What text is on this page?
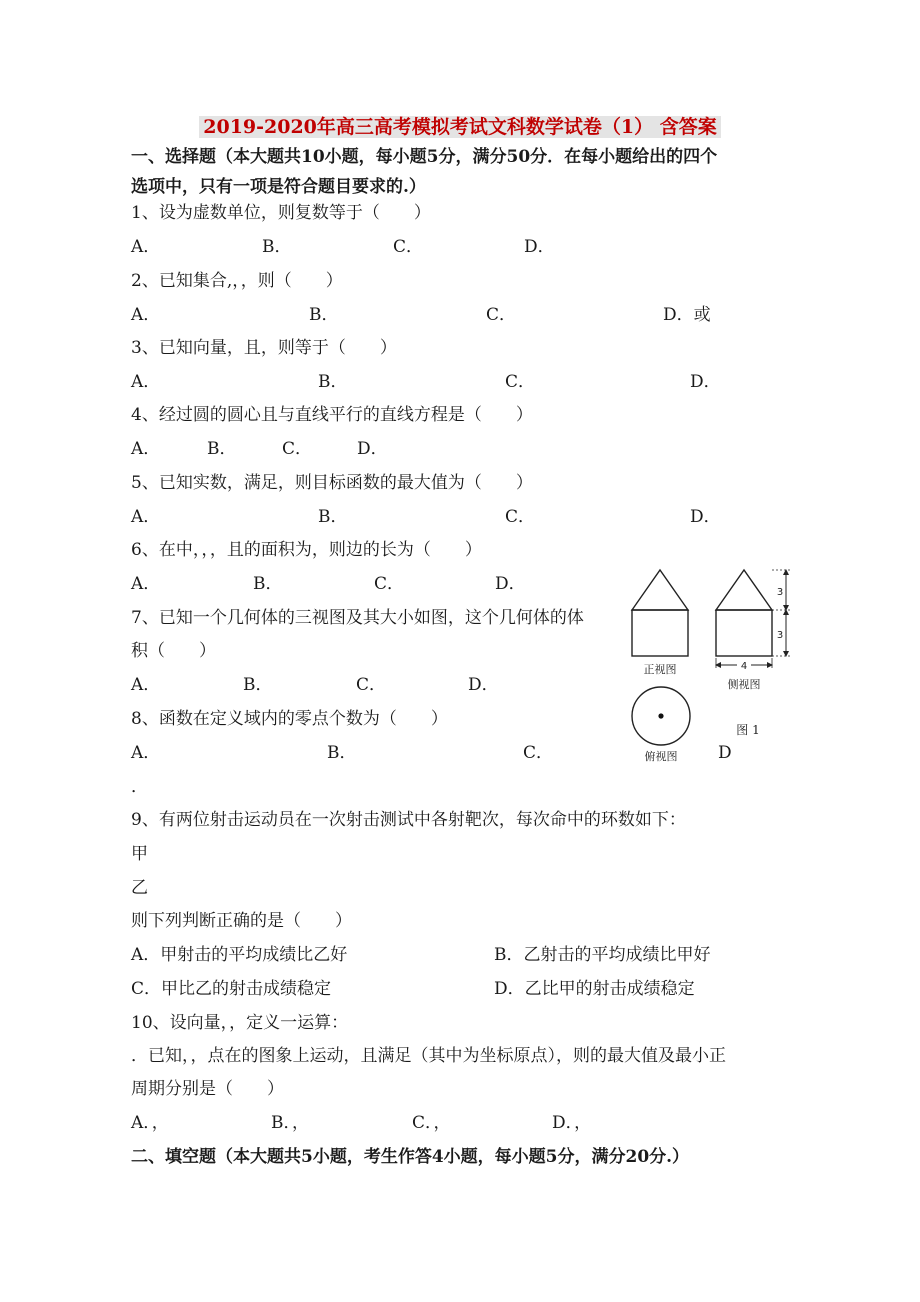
2019-2020年高三高考模拟考试文科数学试卷（1） 含答案
一、选择题（本大题共10小题，每小题5分，满分50分．在每小题给出的四个
选项中，只有一项是符合题目要求的.）
1、设为虚数单位，则复数等于（　　）
A．	B．	C．	D．
2、已知集合,，，则（　　）
A．	B．	C．	D．或
3、已知向量，且，则等于（　　）
A．	B．	C．	D．
4、经过圆的圆心且与直线平行的直线方程是（　　）
A．	B．	C．	D．
5、已知实数，满足，则目标函数的最大值为（　　）
A．	B．	C．	D．
6、在中，，，且的面积为，则边的长为（　　）
A．	B．	C．	D．
7、已知一个几何体的三视图及其大小如图，这个几何体的体
积（　　）
A．	B．	C．	D．
8、函数在定义域内的零点个数为（　　）
A．	B．	C．	D
．
9、有两位射击运动员在一次射击测试中各射靶次，每次命中的环数如下：
甲
乙
则下列判断正确的是（　　）
A．甲射击的平均成绩比乙好	B．乙射击的平均成绩比甲好
C．甲比乙的射击成绩稳定	D．乙比甲的射击成绩稳定
10、设向量，，定义一运算：
．已知，，点在的图象上运动，且满足（其中为坐标原点），则的最大值及最小正
周期分别是（　　）
A．，	B．，	C．，	D．，
二、填空题（本大题共5小题，考生作答4小题，每小题5分，满分20分.）
正视图
3
3
4
侧视图
俯视图
图 1
